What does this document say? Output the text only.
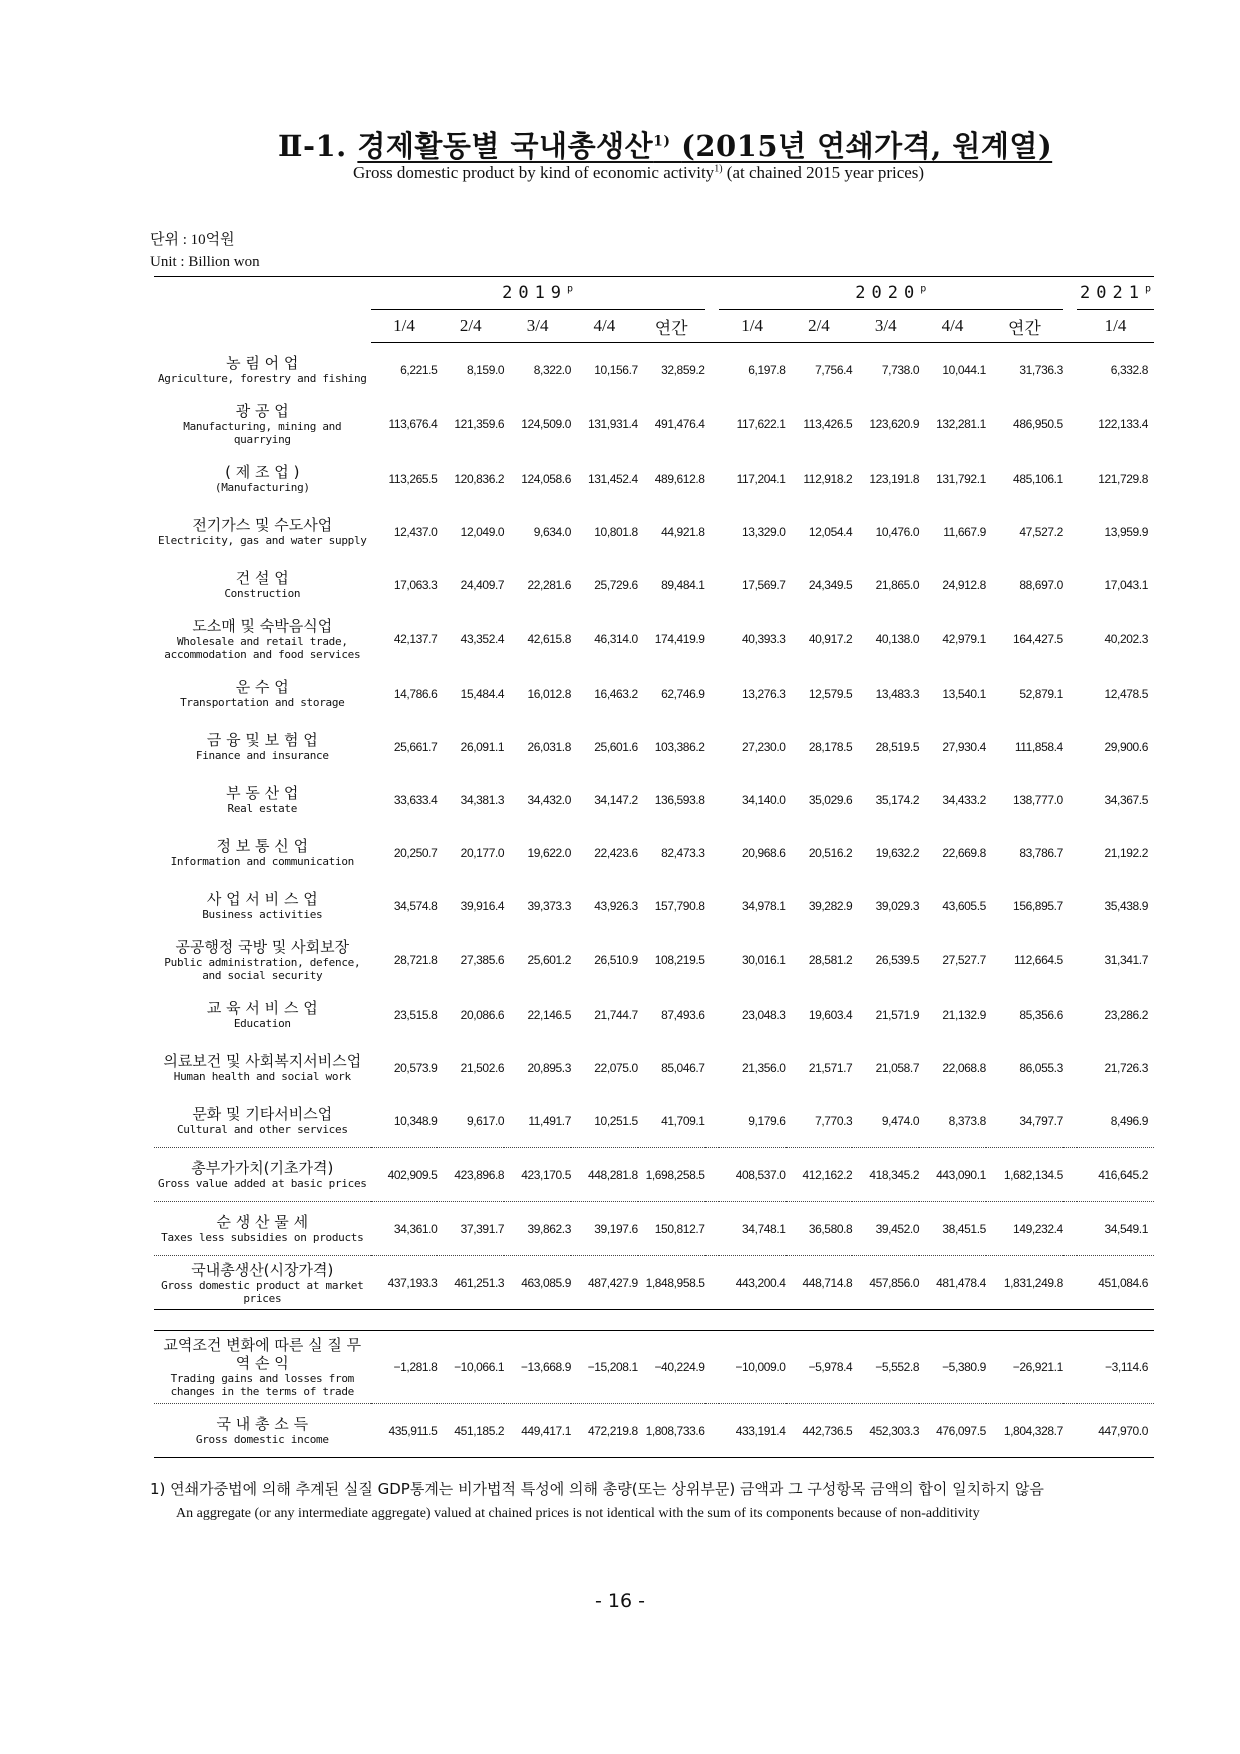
Ⅱ-1. 경제활동별 국내총생산$^{1)}$ (2015년 연쇄가격, 원계열)
Gross domestic product by kind of economic activity$^{1)}$ (at chained 2015 year prices)
단위 : 10억원
Unit : Billion won
	2019$^p$						2020$^p$						2021$^p$
	1/4	2/4	3/4	4/4	연간		1/4	2/4	3/4	4/4	연간		1/4

농 림 어 업
Agriculture, forestry and fishing	6,221.5	8,159.0	8,322.0	10,156.7	32,859.2		6,197.8	7,756.4	7,738.0	10,044.1	31,736.3		6,332.8

광 공 업
Manufacturing, mining and quarrying	113,676.4	121,359.6	124,509.0	131,931.4	491,476.4		117,622.1	113,426.5	123,620.9	132,281.1	486,950.5		122,133.4

( 제 조 업 )
(Manufacturing)	113,265.5	120,836.2	124,058.6	131,452.4	489,612.8		117,204.1	112,918.2	123,191.8	131,792.1	485,106.1		121,729.8

전기가스 및 수도사업
Electricity, gas and water supply	12,437.0	12,049.0	9,634.0	10,801.8	44,921.8		13,329.0	12,054.4	10,476.0	11,667.9	47,527.2		13,959.9

건 설 업
Construction	17,063.3	24,409.7	22,281.6	25,729.6	89,484.1		17,569.7	24,349.5	21,865.0	24,912.8	88,697.0		17,043.1

도소매 및 숙박음식업
Wholesale and retail trade, accommodation and food services	42,137.7	43,352.4	42,615.8	46,314.0	174,419.9		40,393.3	40,917.2	40,138.0	42,979.1	164,427.5		40,202.3

운 수 업
Transportation and storage	14,786.6	15,484.4	16,012.8	16,463.2	62,746.9		13,276.3	12,579.5	13,483.3	13,540.1	52,879.1		12,478.5

금 융 및 보 험 업
Finance and insurance	25,661.7	26,091.1	26,031.8	25,601.6	103,386.2		27,230.0	28,178.5	28,519.5	27,930.4	111,858.4		29,900.6

부 동 산 업
Real estate	33,633.4	34,381.3	34,432.0	34,147.2	136,593.8		34,140.0	35,029.6	35,174.2	34,433.2	138,777.0		34,367.5

정 보 통 신 업
Information and communication	20,250.7	20,177.0	19,622.0	22,423.6	82,473.3		20,968.6	20,516.2	19,632.2	22,669.8	83,786.7		21,192.2

사 업 서 비 스 업
Business activities	34,574.8	39,916.4	39,373.3	43,926.3	157,790.8		34,978.1	39,282.9	39,029.3	43,605.5	156,895.7		35,438.9

공공행정 국방 및 사회보장
Public administration, defence, and social security	28,721.8	27,385.6	25,601.2	26,510.9	108,219.5		30,016.1	28,581.2	26,539.5	27,527.7	112,664.5		31,341.7

교 육 서 비 스 업
Education	23,515.8	20,086.6	22,146.5	21,744.7	87,493.6		23,048.3	19,603.4	21,571.9	21,132.9	85,356.6		23,286.2

의료보건 및 사회복지서비스업
Human health and social work	20,573.9	21,502.6	20,895.3	22,075.0	85,046.7		21,356.0	21,571.7	21,058.7	22,068.8	86,055.3		21,726.3

문화 및 기타서비스업
Cultural and other services	10,348.9	9,617.0	11,491.7	10,251.5	41,709.1		9,179.6	7,770.3	9,474.0	8,373.8	34,797.7		8,496.9

총부가가치(기초가격)
Gross value added at basic prices	402,909.5	423,896.8	423,170.5	448,281.8	1,698,258.5		408,537.0	412,162.2	418,345.2	443,090.1	1,682,134.5		416,645.2

순 생 산 물 세
Taxes less subsidies on products	34,361.0	37,391.7	39,862.3	39,197.6	150,812.7		34,748.1	36,580.8	39,452.0	38,451.5	149,232.4		34,549.1

국내총생산(시장가격)
Gross domestic product at market prices	437,193.3	461,251.3	463,085.9	487,427.9	1,848,958.5		443,200.4	448,714.8	457,856.0	481,478.4	1,831,249.8		451,084.6

교역조건 변화에 따른 실 질 무 역 손 익
Trading gains and losses from changes in the terms of trade	−1,281.8	−10,066.1	−13,668.9	−15,208.1	−40,224.9		−10,009.0	−5,978.4	−5,552.8	−5,380.9	−26,921.1		−3,114.6

국 내 총 소 득
Gross domestic income	435,911.5	451,185.2	449,417.1	472,219.8	1,808,733.6		433,191.4	442,736.5	452,303.3	476,097.5	1,804,328.7		447,970.0
1) 연쇄가중법에 의해 추계된 실질 GDP통계는 비가법적 특성에 의해 총량(또는 상위부문) 금액과 그 구성항목 금액의 합이 일치하지 않음
An aggregate (or any intermediate aggregate) valued at chained prices is not identical with the sum of its components because of non-additivity
- 16 -
